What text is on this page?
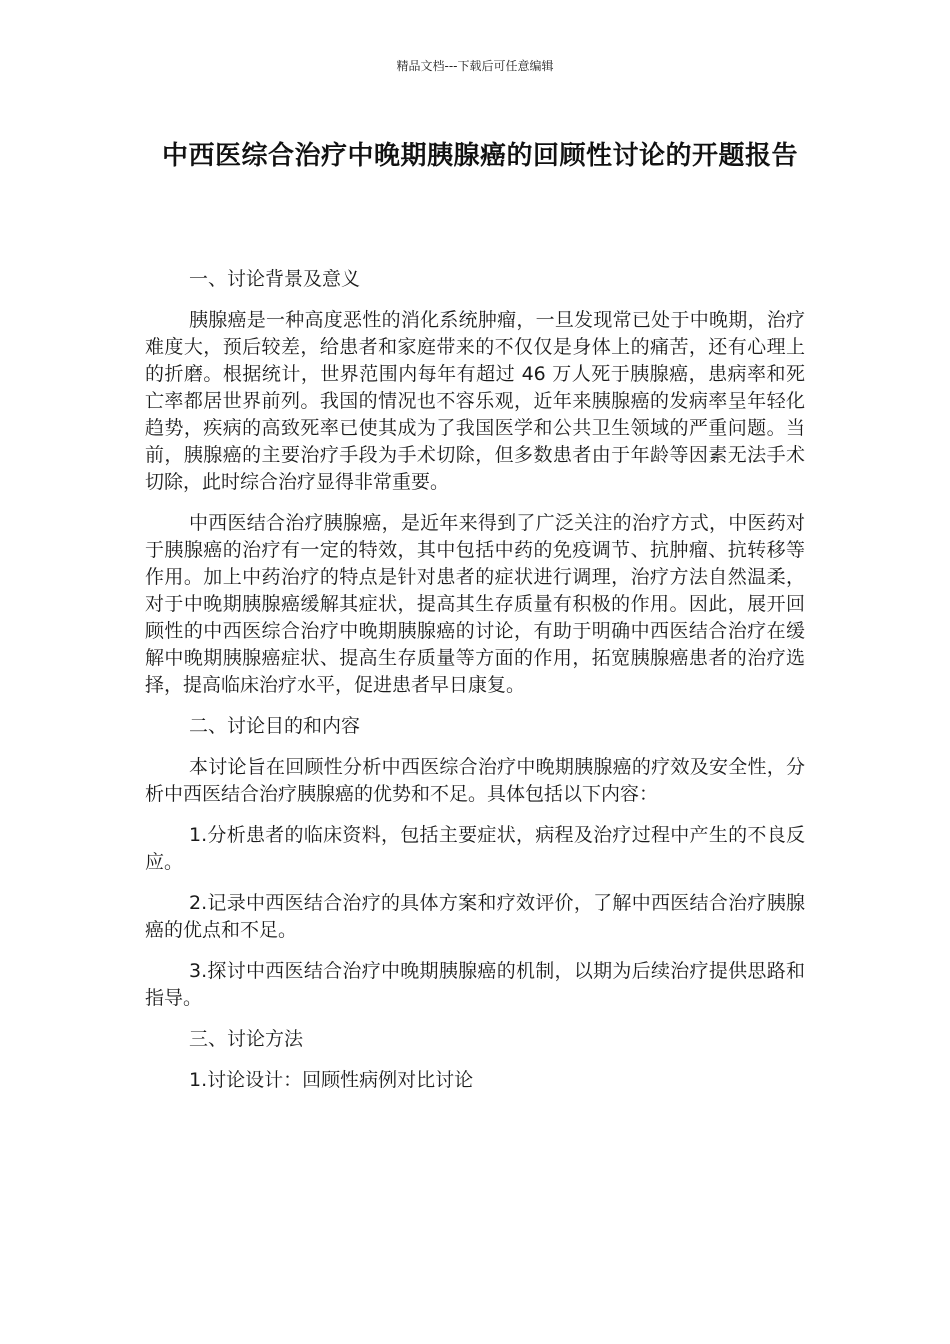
精品文档---下载后可任意编辑
中西医综合治疗中晚期胰腺癌的回顾性讨论的开题报告

一、讨论背景及意义

胰腺癌是一种高度恶性的消化系统肿瘤，一旦发现常已处于中晚期，治疗难度大，预后较差，给患者和家庭带来的不仅仅是身体上的痛苦，还有心理上的折磨。根据统计，世界范围内每年有超过 46 万人死于胰腺癌，患病率和死亡率都居世界前列。我国的情况也不容乐观，近年来胰腺癌的发病率呈年轻化趋势，疾病的高致死率已使其成为了我国医学和公共卫生领域的严重问题。当前，胰腺癌的主要治疗手段为手术切除，但多数患者由于年龄等因素无法手术切除，此时综合治疗显得非常重要。

中西医结合治疗胰腺癌，是近年来得到了广泛关注的治疗方式，中医药对于胰腺癌的治疗有一定的特效，其中包括中药的免疫调节、抗肿瘤、抗转移等作用。加上中药治疗的特点是针对患者的症状进行调理，治疗方法自然温柔，对于中晚期胰腺癌缓解其症状，提高其生存质量有积极的作用。因此，展开回顾性的中西医综合治疗中晚期胰腺癌的讨论，有助于明确中西医结合治疗在缓解中晚期胰腺癌症状、提高生存质量等方面的作用，拓宽胰腺癌患者的治疗选择，提高临床治疗水平，促进患者早日康复。

二、讨论目的和内容

本讨论旨在回顾性分析中西医综合治疗中晚期胰腺癌的疗效及安全性，分析中西医结合治疗胰腺癌的优势和不足。具体包括以下内容：

1.分析患者的临床资料，包括主要症状，病程及治疗过程中产生的不良反应。

2.记录中西医结合治疗的具体方案和疗效评价，了解中西医结合治疗胰腺癌的优点和不足。

3.探讨中西医结合治疗中晚期胰腺癌的机制，以期为后续治疗提供思路和指导。

三、讨论方法

1.讨论设计：回顾性病例对比讨论
